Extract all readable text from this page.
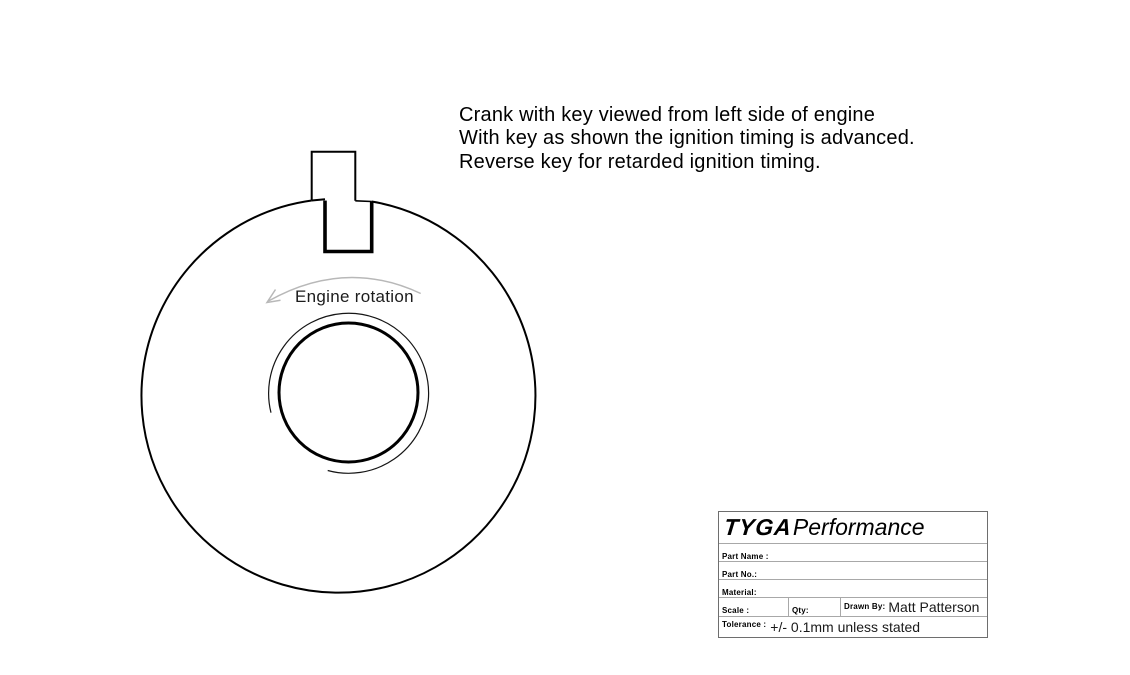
Crank with key viewed from left side of engine
With key as shown the ignition timing is advanced.
Reverse key for retarded ignition timing.
Engine rotation
TYGA Performance
Part Name :
Part No.:
Material:
Scale :	Qty:	Drawn By: Matt Patterson
Tolerance : +/- 0.1mm unless stated
